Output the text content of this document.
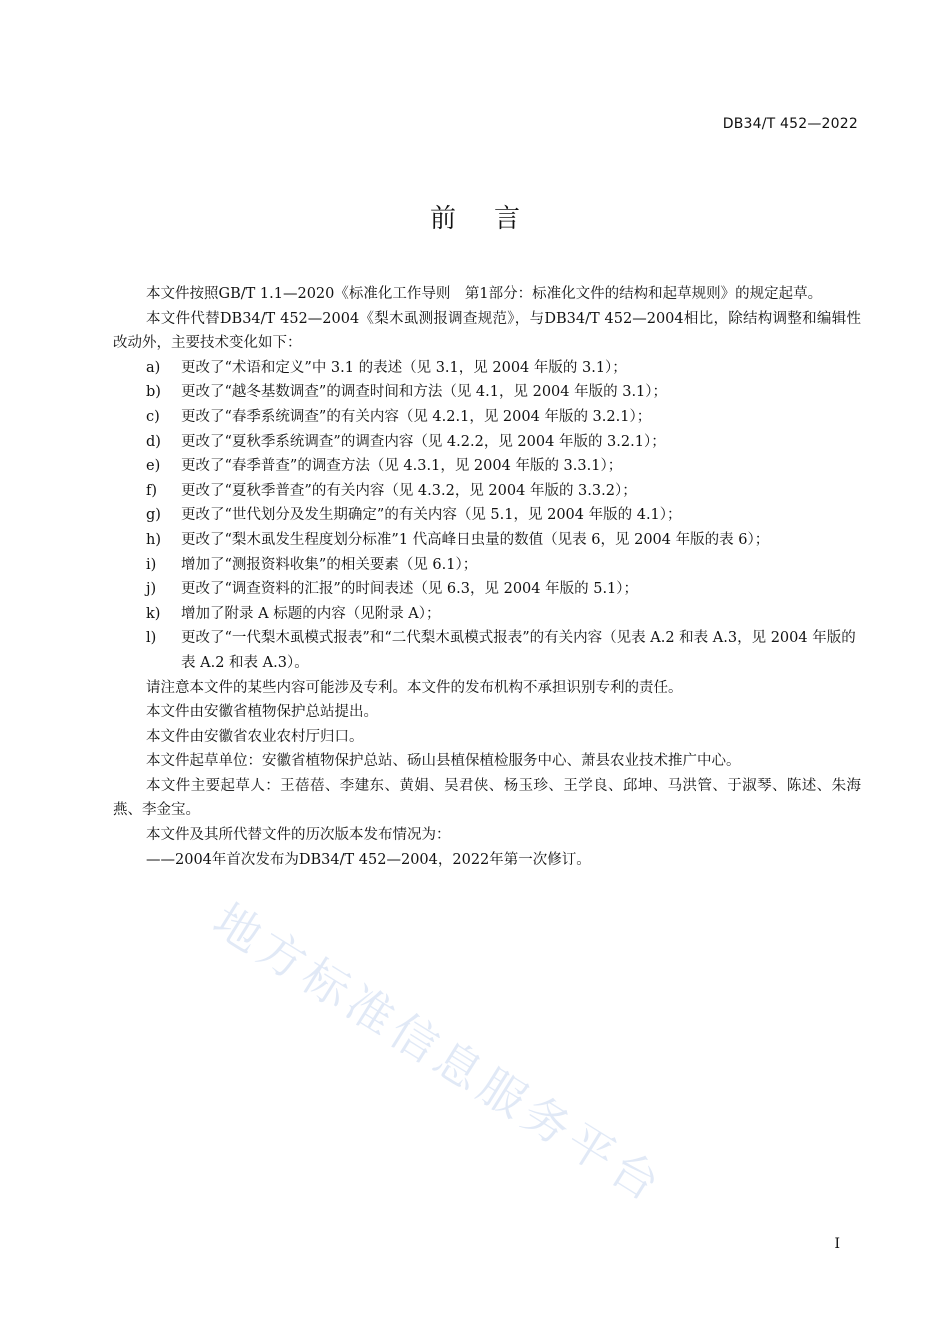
DB34/T 452—2022
前言
本文件按照GB/T 1.1—2020《标准化工作导则　第1部分：标准化文件的结构和起草规则》的规定起草。
本文件代替DB34/T 452—2004《梨木虱测报调查规范》，与DB34/T 452—2004相比，除结构调整和编辑性改动外，主要技术变化如下：
a)	更改了“术语和定义”中 3.1 的表述（见 3.1，见 2004 年版的 3.1）；
b)	更改了“越冬基数调查”的调查时间和方法（见 4.1，见 2004 年版的 3.1）；
c)	更改了“春季系统调查”的有关内容（见 4.2.1，见 2004 年版的 3.2.1）；
d)	更改了“夏秋季系统调查”的调查内容（见 4.2.2，见 2004 年版的 3.2.1）；
e)	更改了“春季普查”的调查方法（见 4.3.1，见 2004 年版的 3.3.1）；
f)	更改了“夏秋季普查”的有关内容（见 4.3.2，见 2004 年版的 3.3.2）；
g)	更改了“世代划分及发生期确定”的有关内容（见 5.1，见 2004 年版的 4.1）；
h)	更改了“梨木虱发生程度划分标准”1 代高峰日虫量的数值（见表 6，见 2004 年版的表 6）；
i)	增加了“测报资料收集”的相关要素（见 6.1）；
j)	更改了“调查资料的汇报”的时间表述（见 6.3，见 2004 年版的 5.1）；
k)	增加了附录 A 标题的内容（见附录 A）；
l)	更改了“一代梨木虱模式报表”和“二代梨木虱模式报表”的有关内容（见表 A.2 和表 A.3，见 2004 年版的表 A.2 和表 A.3）。
请注意本文件的某些内容可能涉及专利。本文件的发布机构不承担识别专利的责任。
本文件由安徽省植物保护总站提出。
本文件由安徽省农业农村厅归口。
本文件起草单位：安徽省植物保护总站、砀山县植保植检服务中心、萧县农业技术推广中心。
本文件主要起草人：王蓓蓓、李建东、黄娟、吴君侠、杨玉珍、王学良、邱坤、马洪管、于淑琴、陈述、朱海燕、李金宝。
本文件及其所代替文件的历次版本发布情况为：
——2004年首次发布为DB34/T 452—2004，2022年第一次修订。
地方标准信息服务平台
I
